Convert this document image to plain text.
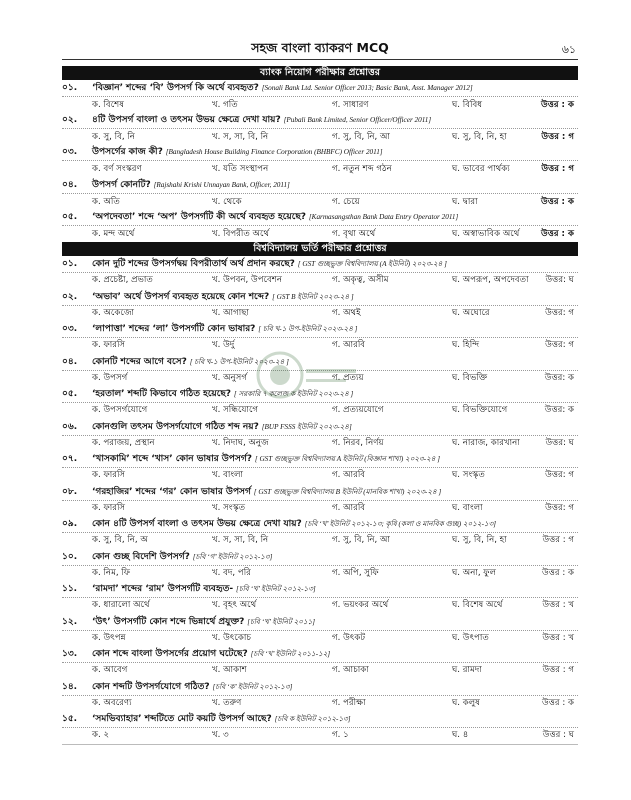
সহজ বাংলা ব্যাকরণ MCQ	৬১
ব্যাংক নিয়োগ পরীক্ষার প্রশ্নোত্তর
০১. ‘বিজ্ঞান’ শব্দের ‘বি’ উপসর্গ কি অর্থে ব্যবহৃত? [Sonali Bank Ltd. Senior Officer 2013; Basic Bank, Asst. Manager 2012]
ক. বিশেষ	খ. গতি	গ. সাধারণ	ঘ. বিবিধ	উত্তর : ক
০২. ৪টি উপসর্গ বাংলা ও তৎসম উভয় ক্ষেত্রে দেখা যায়? [Pubali Bank Limited, Senior Officer/Officer 2011]
ক. সু, বি, নি	খ. স, সা, বি, নি	গ. সু, বি, নি, আ	ঘ. সু, বি, নি, হা	উত্তর : গ
০৩. উপসর্গের কাজ কী? [Bangladesh House Building Finance Corporation (BHBFC) Officer 2011]
ক. বর্ণ সংস্করণ	খ. যতি সংস্থাপন	গ. নতুন শব্দ গঠন	ঘ. ভাবের পার্থক্য	উত্তর : গ
০৪. উপসর্গ কোনটি? [Rajshahi Krishi Unnayan Bank, Officer, 2011]
ক. অতি	খ. থেকে	গ. চেয়ে	ঘ. দ্বারা	উত্তর : ক
০৫. ‘অপদেবতা’ শব্দে ‘অপ’ উপসর্গটি কী অর্থে ব্যবহৃত হয়েছে? [Karmasangsthan Bank Data Entry Operator 2011]
ক. মন্দ অর্থে	খ. বিপরীত অর্থে	গ. বৃথা অর্থে	ঘ. অস্বাভাবিক অর্থে	উত্তর : ক
বিশ্ববিদ্যালয় ভর্তি পরীক্ষার প্রশ্নোত্তর
০১. কোন দুটি শব্দের উপসর্গদ্বয় বিপরীতার্থ অর্থ প্রদান করছে? [ GST গুচ্ছভুক্ত বিশ্ববিদ্যালয় (A ইউনিট) ২০২৩-২৪ ]
ক. প্রচেষ্টা, প্রভাত	খ. উপবন, উপবেশন	গ. অকৃত্ব, অসীম	ঘ. অপরূপ, অপদেবতা উত্তর: ঘ
০২. ‘অভাব’ অর্থে উপসর্গ ব্যবহৃত হয়েছে কোন শব্দে? [ GST B ইউনিট ২০২৩-২৪ ]
ক. অকেজো	খ. আগাছা	গ. অথই	ঘ. অঘোরে	উত্তর: গ
০৩. ‘লাপাত্তা’ শব্দের ‘লা’ উপসর্গটি কোন ভাষার? [ চবি খ-১ উপ-ইউনিট ২০২৩-২৪ ]
ক. ফারসি	খ. উর্দু	গ. আরবি	ঘ. হিন্দি	উত্তর: গ
০৪. কোনটি শব্দের আগে বসে? [ চবি খ-১ উপ-ইউনিট ২০২৩-২৪ ]
ক. উপসর্গ	খ. অনুসর্গ	গ. প্রত্যয়	ঘ. বিভক্তি	উত্তর: ক
০৫. ‘হরতাল’ শব্দটি কিভাবে গঠিত হয়েছে? [ সরকারি ৭ কলেজ ক ইউনিট ২০২৩-২৪ ]
ক. উপসর্গযোগে	খ. সন্ধিযোগে	গ. প্রত্যয়যোগে	ঘ. বিভক্তিযোগে	উত্তর: ক
০৬. কোনগুলি তৎসম উপসর্গযোগে গঠিত শব্দ নয়? [BUP FSSS ইউনিট ২০২৩-২৪]
ক. পরাজয়, প্রস্থান	খ. নিদাঘ, অনুজ	গ. নিরব, নির্ণয়	ঘ. নারাজ, কারখানা	উত্তর: ঘ
০৭. ‘খাসকামি’ শব্দে ‘খাস’ কোন ভাষার উপসর্গ? [ GST গুচ্ছভুক্ত বিশ্ববিদ্যালয় A ইউনিট (বিজ্ঞান শাখা) ২০২৩-২৪ ]
ক. ফারসি	খ. বাংলা	গ. আরবি	ঘ. সংস্কৃত	উত্তর: গ
০৮. ‘গরহাজির’ শব্দের ‘গর’ কোন ভাষার উপসর্গ [ GST গুচ্ছভুক্ত বিশ্ববিদ্যালয় B ইউনিট (মানবিক শাখা) ২০২৩-২৪ ]
ক. ফারসি	খ. সংস্কৃত	গ. আরবি	ঘ. বাংলা	উত্তর: গ
০৯. কোন ৪টি উপসর্গ বাংলা ও তৎসম উভয় ক্ষেত্রে দেখা যায়? [চবি ‘খ’ ইউনিট ২০১২-১৩; কৃষি (কলা ও মানবিক গুচ্ছ) ২০১২-১৩]
ক. সু, বি, নি, অ	খ. স, সা, বি, নি	গ. সু, বি, নি, আ	ঘ. সু, বি, নি, হা	উত্তর : গ
১০. কোন গুচ্ছ বিদেশি উপসর্গ? [চবি ‘গ’ ইউনিট ২০১২-১৩]
ক. নিম, ফি	খ. বদ, পরি	গ. অপি, সুফি	ঘ. অনা, ফুল	উত্তর : ক
১১. ‘রামদা’ শব্দের ‘রাম’ উপসর্গটি ব্যবহৃত- [চবি ‘খ’ ইউনিট ২০১২-১৩]
ক. ধারালো অর্থে	খ. বৃহৎ অর্থে	গ. ভয়ংকর অর্থে	ঘ. বিশেষ অর্থে	উত্তর : খ
১২. ‘উৎ’ উপসর্গটি কোন শব্দে ভিন্নার্থে প্রযুক্ত? [চবি ‘খ’ ইউনিট ২০১১]
ক. উৎপন্ন	খ. উৎকোচ	গ. উৎকট	ঘ. উৎপাত	উত্তর : খ
১৩. কোন শব্দে বাংলা উপসর্গের প্রয়োগ ঘটেছে? [চবি ‘খ’ ইউনিট ২০১১-১২]
ক. আবেগ	খ. আকাশ	গ. আচাকা	ঘ. রামদা	উত্তর : গ
১৪. কোন শব্দটি উপসর্গযোগে গঠিত? [চবি ‘ক’ ইউনিট ২০১২-১৩]
ক. অবরেণ্য	খ. তরুণ	গ. পরীক্ষা	ঘ. কলুষ	উত্তর : ক
১৫. ‘সমভিব্যাহার’ শব্দটিতে মোট কয়টি উপসর্গ আছে? [চবি ক ইউনিট ২০১২-১৩]
ক. ২	খ. ৩	গ. ১	ঘ. ৪	উত্তর : ঘ
